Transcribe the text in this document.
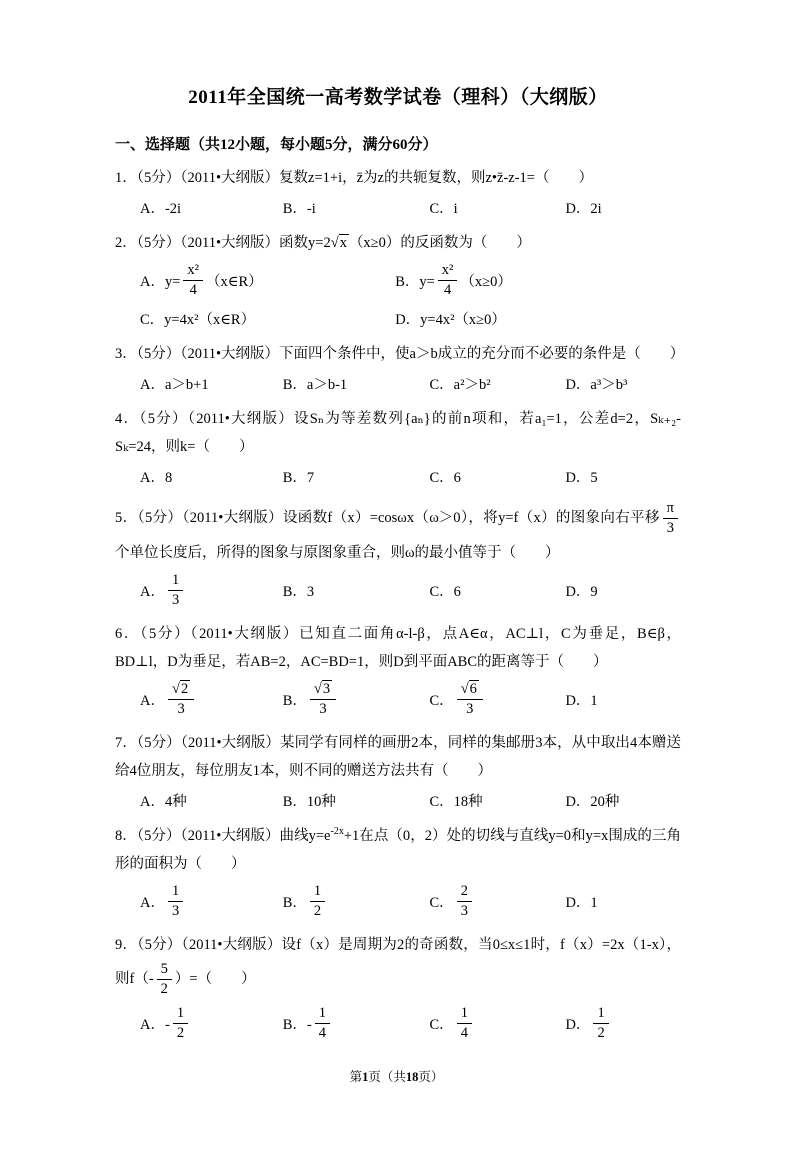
2011年全国统一高考数学试卷（理科）（大纲版）
一、选择题（共12小题，每小题5分，满分60分）

1．（5分）（2011•大纲版）复数z=1+i，z̄为z的共轭复数，则z•z̄-z-1=（　　）

A．-2i	B．-i	C．i	D．2i

2．（5分）（2011•大纲版）函数y=2√x （x≥0）的反函数为（　　）

A．$y= \frac{\text{x²}}{4}$ （x∈R）	B．$y= \frac{\text{x²}}{4} (x\ge 0)$
C．y=4x²（x∈R）	D．y=4x²（x≥0）

3．（5分）（2011•大纲版）下面四个条件中，使a＞b成立的充分而不必要的条件是（　　）

A．a＞b+1	B．a＞b-1	C．a²＞b²	D．a³＞b³

4．（5分）（2011•大纲版）设Sₙ为等差数列{aₙ}的前n项和，若a₁=1，公差d=2，Sₖ₊₂-Sₖ=24，则k=（　　）

A．8	B．7	C．6	D．5

5．（5分）（2011•大纲版）设函数f（x）=cosωx（ω＞0），将y=f（x）的图象向右平移 $\frac{\pi}{3}$
个单位长度后，所得的图象与原图象重合，则ω的最小值等于（　　）

A． $\frac{1}{3}$	B．3	C．6	D．9

6．（5分）（2011•大纲版）已知直二面角α-l-β，点A∈α，AC⊥l，C为垂足，B∈β，BD⊥l，D为垂足，若AB=2，AC=BD=1，则D到平面ABC的距离等于（　　）

A． $\frac{√2}{3}$	B． $\frac{√3}{3}$	C． $\frac{√6}{3}$	D．1

7．（5分）（2011•大纲版）某同学有同样的画册2本，同样的集邮册3本，从中取出4本赠送给4位朋友，每位朋友1本，则不同的赠送方法共有（　　）

A．4种	B．10种	C．18种	D．20种

8．（5分）（2011•大纲版）曲线$y=e^{-2x}+1$在点（0，2）处的切线与直线y=0和y=x围成的三角形的面积为（　　）

A． $\frac{1}{3}$	B． $\frac{1}{2}$	C． $\frac{2}{3}$	D．1

9．（5分）（2011•大纲版）设f（x）是周期为2的奇函数，当0≤x≤1时，f（x）=2x（1-x），则$f(- \frac{5}{2}$ ）=（　　）

A．- $\frac{1}{2}$	B．- $\frac{1}{4}$	C． $\frac{1}{4}$	D． $\frac{1}{2}$
第1页（共18页）
